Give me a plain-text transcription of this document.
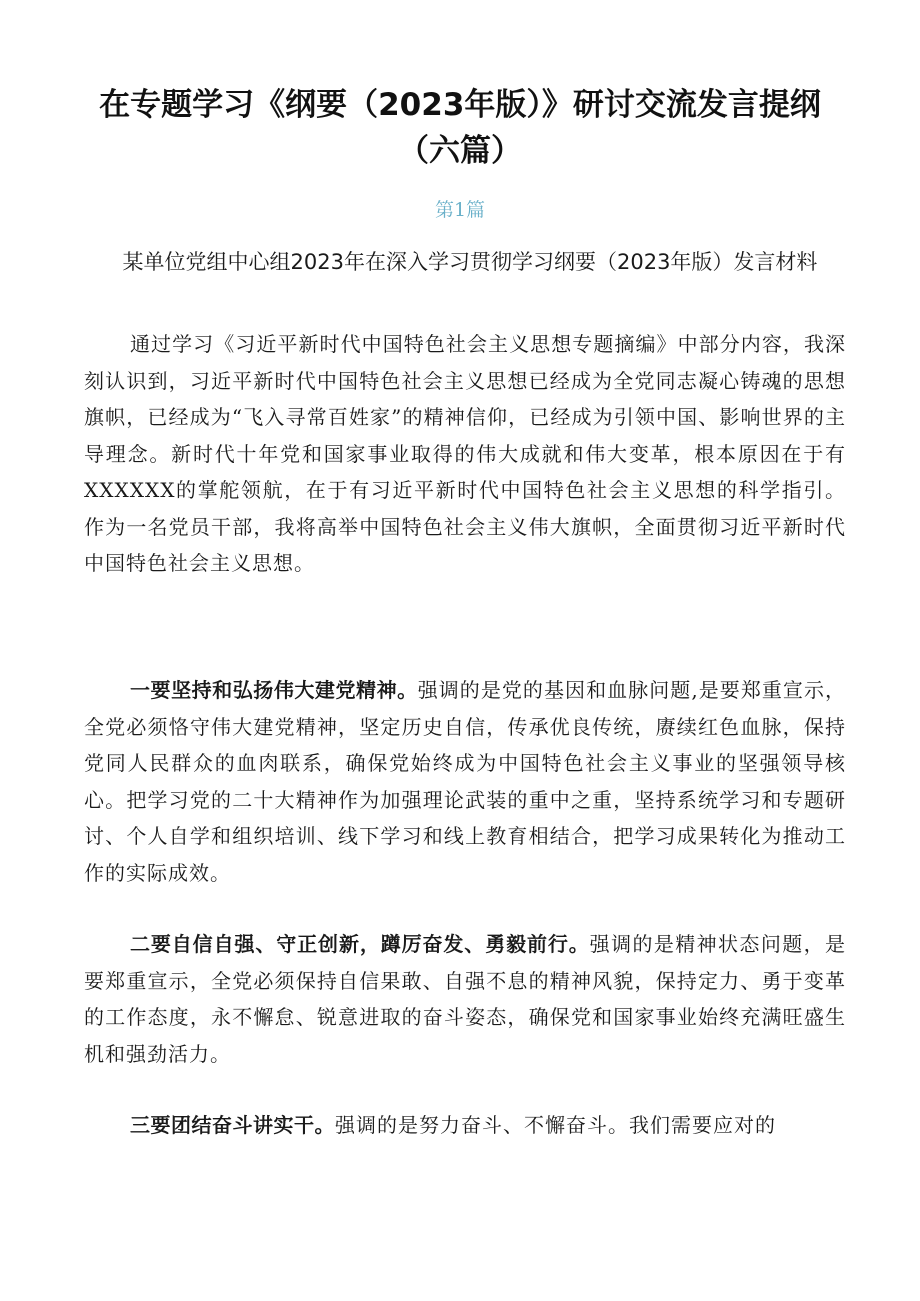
在专题学习《纲要（2023年版）》研讨交流发言提纲（六篇）

第1篇

某单位党组中心组2023年在深入学习贯彻学习纲要（2023年版）发言材料

通过学习《习近平新时代中国特色社会主义思想专题摘编》中部分内容，我深刻认识到，习近平新时代中国特色社会主义思想已经成为全党同志凝心铸魂的思想旗帜，已经成为“飞入寻常百姓家”的精神信仰，已经成为引领中国、影响世界的主导理念。新时代十年党和国家事业取得的伟大成就和伟大变革，根本原因在于有XXXXXX的掌舵领航，在于有习近平新时代中国特色社会主义思想的科学指引。作为一名党员干部，我将高举中国特色社会主义伟大旗帜，全面贯彻习近平新时代中国特色社会主义思想。

一要坚持和弘扬伟大建党精神。强调的是党的基因和血脉问题,是要郑重宣示，全党必须恪守伟大建党精神，坚定历史自信，传承优良传统，赓续红色血脉，保持党同人民群众的血肉联系，确保党始终成为中国特色社会主义事业的坚强领导核心。把学习党的二十大精神作为加强理论武装的重中之重，坚持系统学习和专题研讨、个人自学和组织培训、线下学习和线上教育相结合，把学习成果转化为推动工作的实际成效。

二要自信自强、守正创新，蹲厉奋发、勇毅前行。强调的是精神状态问题，是要郑重宣示，全党必须保持自信果敢、自强不息的精神风貌，保持定力、勇于变革的工作态度，永不懈怠、锐意进取的奋斗姿态，确保党和国家事业始终充满旺盛生机和强劲活力。

三要团结奋斗讲实干。强调的是努力奋斗、不懈奋斗。我们需要应对的
